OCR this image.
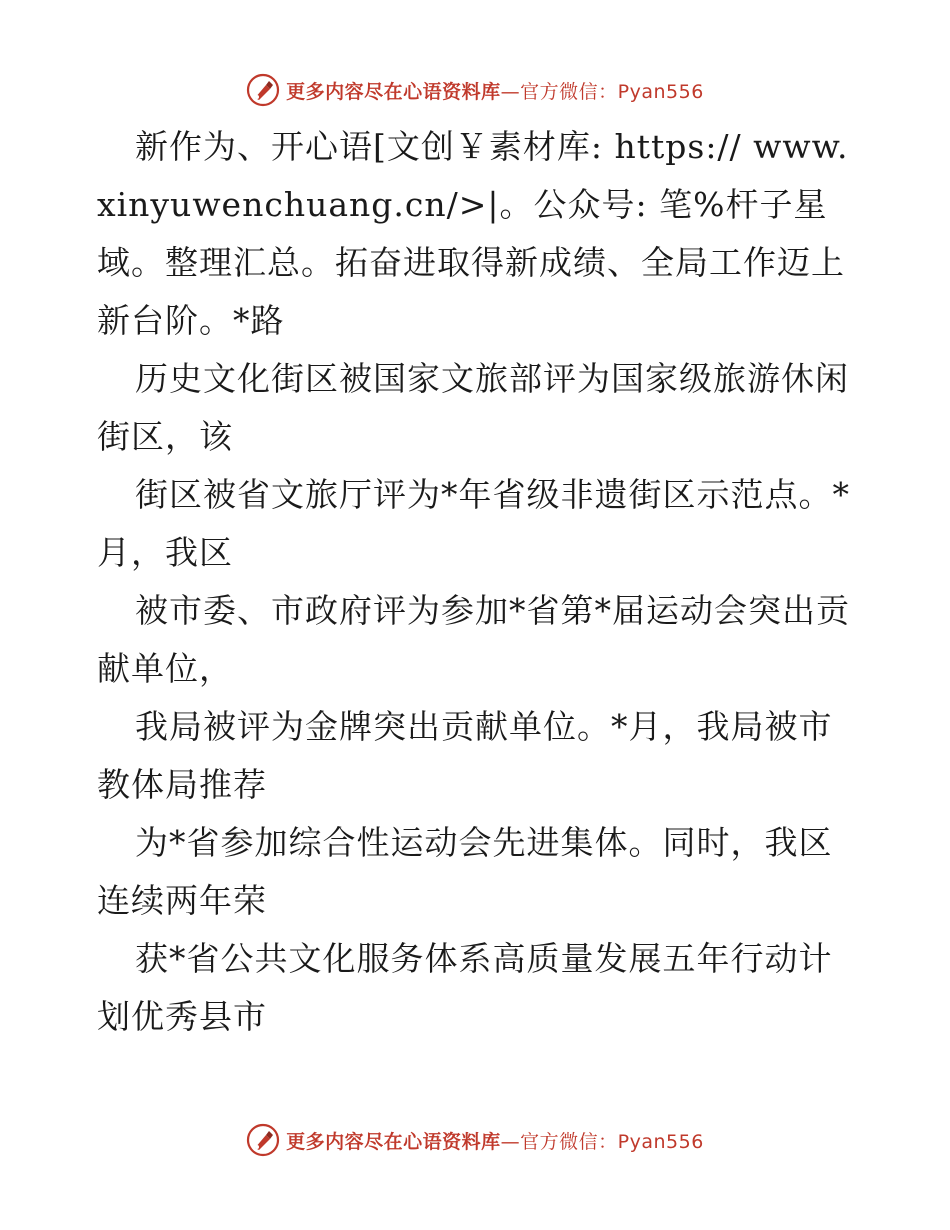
更多内容尽在心语资料库—官方微信：Pyan556

新作为、开心语[文创￥素材库: https:// www.xinyuwenchuang.cn/>|。公众号: 笔%杆子星域。整理汇总。拓奋进取得新成绩、全局工作迈上新台阶。*路

历史文化街区被国家文旅部评为国家级旅游休闲街区，该

街区被省文旅厅评为*年省级非遗街区示范点。*月，我区

被市委、市政府评为参加*省第*届运动会突出贡献单位，

我局被评为金牌突出贡献单位。*月，我局被市教体局推荐

为*省参加综合性运动会先进集体。同时，我区连续两年荣

获*省公共文化服务体系高质量发展五年行动计划优秀县市

更多内容尽在心语资料库—官方微信：Pyan556
